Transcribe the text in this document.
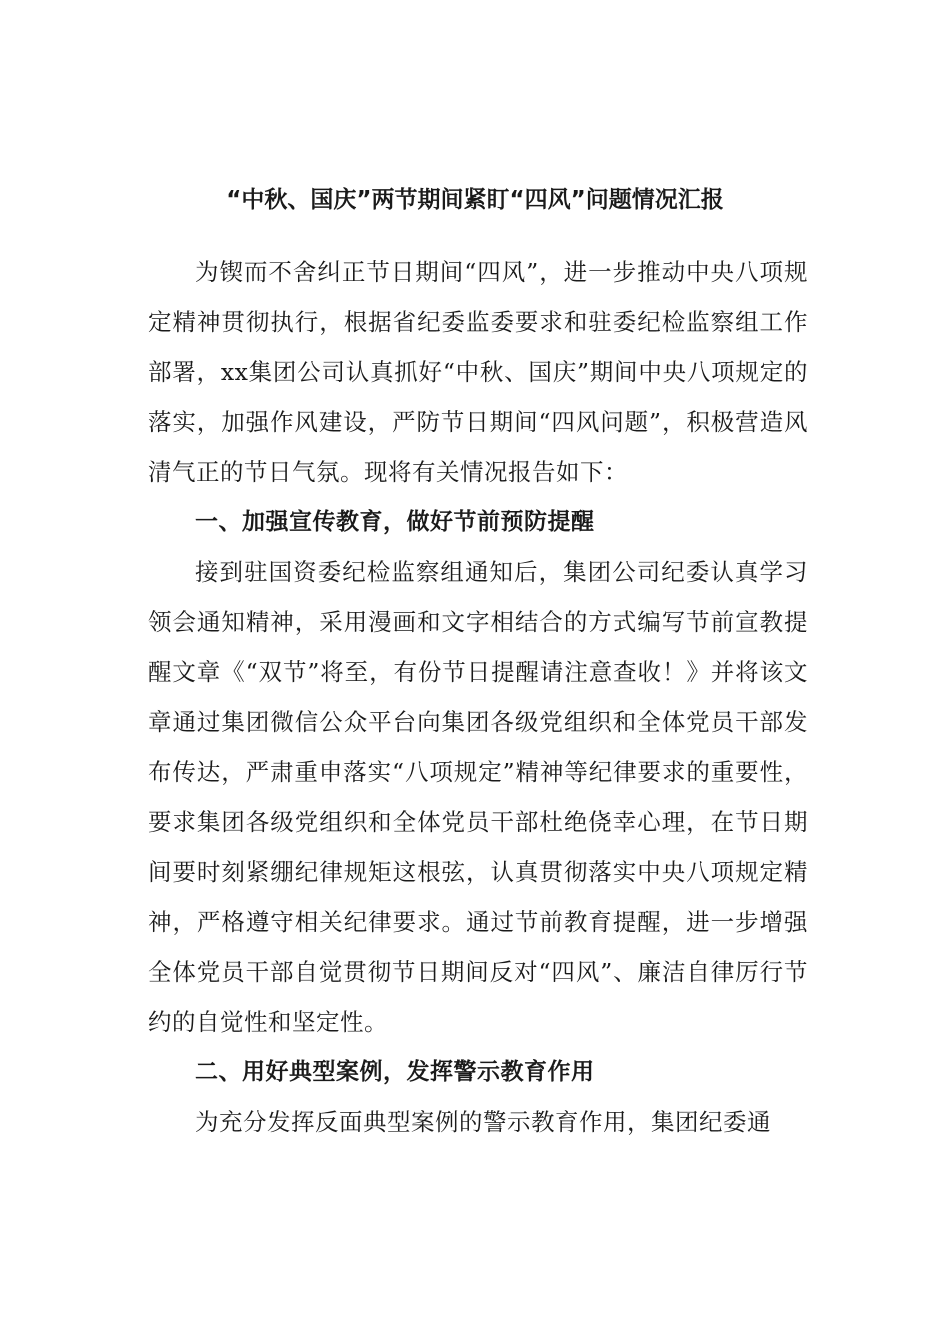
“中秋、国庆”两节期间紧盯“四风”问题情况汇报

为锲而不舍纠正节日期间“四风”，进一步推动中央八项规定精神贯彻执行，根据省纪委监委要求和驻委纪检监察组工作部署，xx集团公司认真抓好“中秋、国庆”期间中央八项规定的落实，加强作风建设，严防节日期间“四风问题”，积极营造风清气正的节日气氛。现将有关情况报告如下：

一、加强宣传教育，做好节前预防提醒

接到驻国资委纪检监察组通知后，集团公司纪委认真学习领会通知精神，采用漫画和文字相结合的方式编写节前宣教提醒文章《“双节”将至，有份节日提醒请注意查收！》并将该文章通过集团微信公众平台向集团各级党组织和全体党员干部发布传达，严肃重申落实“八项规定”精神等纪律要求的重要性，要求集团各级党组织和全体党员干部杜绝侥幸心理，在节日期间要时刻紧绷纪律规矩这根弦，认真贯彻落实中央八项规定精神，严格遵守相关纪律要求。通过节前教育提醒，进一步增强全体党员干部自觉贯彻节日期间反对“四风”、廉洁自律厉行节约的自觉性和坚定性。

二、用好典型案例，发挥警示教育作用

为充分发挥反面典型案例的警示教育作用，集团纪委通
